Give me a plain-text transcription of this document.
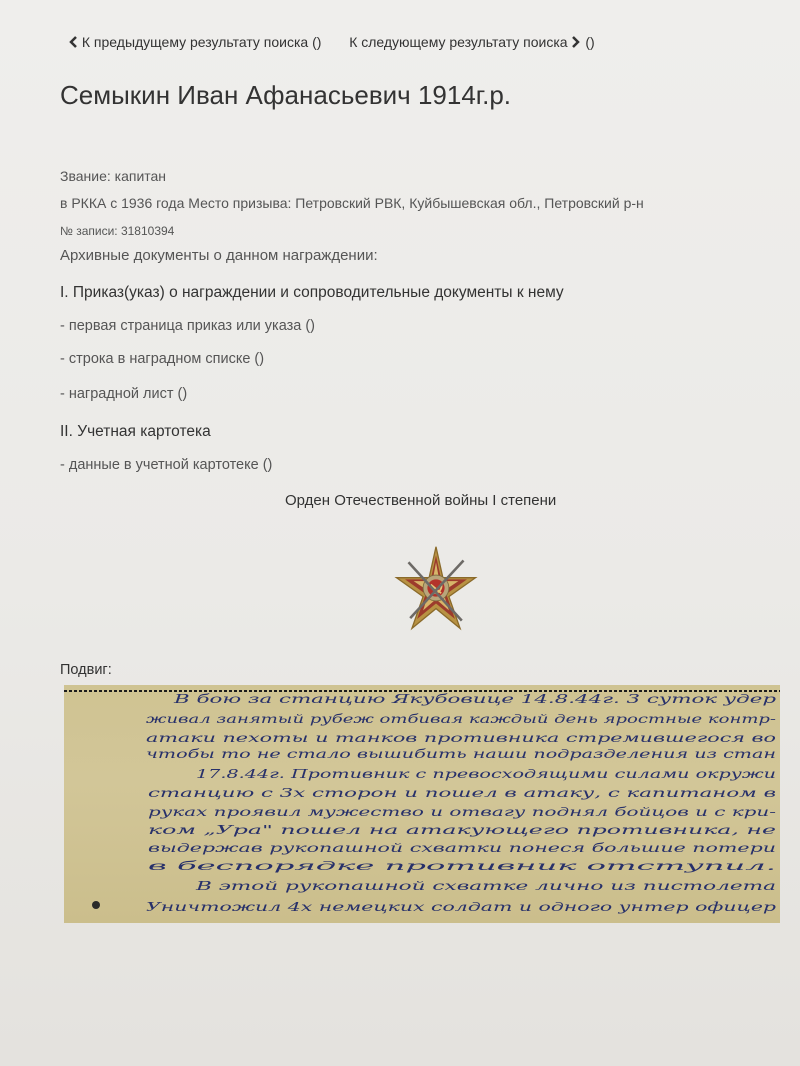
К предыдущему результату поиска () К следующему результату поиска ()
Семыкин Иван Афанасьевич 1914г.р.
Звание: капитан
в РККА с 1936 года Место призыва: Петровский РВК, Куйбышевская обл., Петровский р-н
№ записи: 31810394
Архивные документы о данном награждении:
I. Приказ(указ) о награждении и сопроводительные документы к нему
- первая страница приказ или указа ()
- строка в наградном списке ()
- наградной лист ()
II. Учетная картотека
- данные в учетной картотеке ()
Орден Отечественной войны I степени
Подвиг:
В бою за станцию Якубовице 14.8.44г. 3 суток удер
живал занятый рубеж отбивая каждый день яростные контр-
атаки пехоты и танков противника стремившегося во
чтобы то не стало вышибить наши подразделения из стан
17.8.44г. Противник с превосходящими силами окружи
станцию с 3х сторон и пошел в атаку, с капитаном в
руках проявил мужество и отвагу поднял бойцов и с кри-
ком „Ура" пошел на атакующего противника, не
выдержав рукопашной схватки понеся большие потери
в беспорядке противник отступил.
В этой рукопашной схватке лично из пистолета
Уничтожил 4х немецких солдат и одного унтер офицер
